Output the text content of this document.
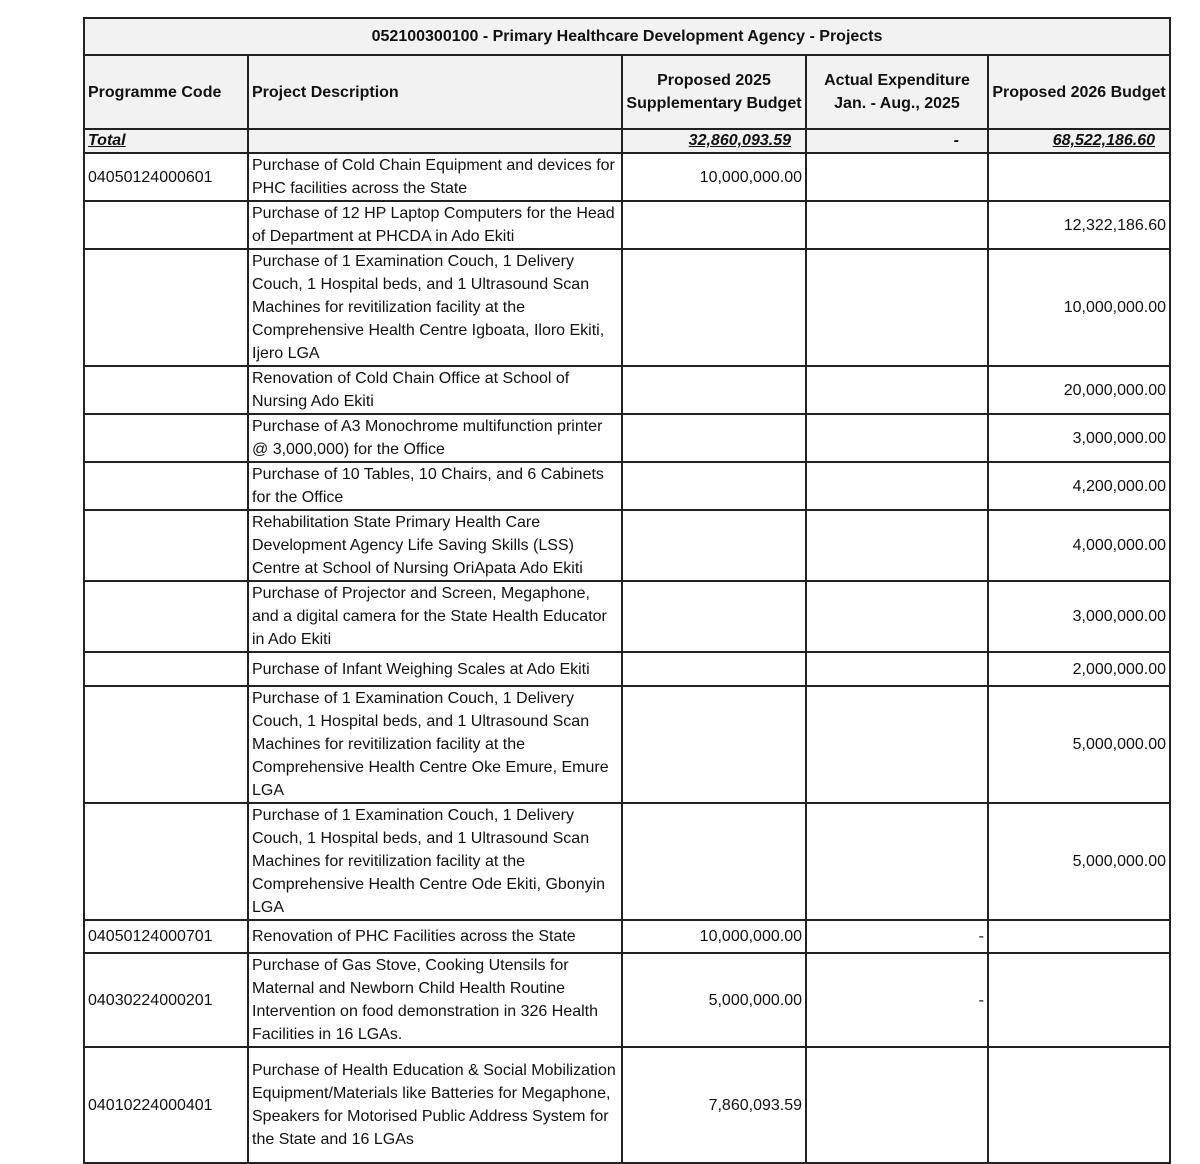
052100300100 - Primary Healthcare Development Agency - Projects				
Programme Code	Project Description	Proposed 2025 Supplementary Budget	Actual Expenditure Jan. - Aug., 2025	Proposed 2026 Budget
Total		32,860,093.59	-	68,522,186.60
04050124000601	Purchase of Cold Chain Equipment and devices for PHC facilities across the State	10,000,000.00		
	Purchase of 12 HP Laptop Computers for the Head of Department at PHCDA in Ado Ekiti			12,322,186.60
	Purchase of 1 Examination Couch, 1 Delivery Couch, 1 Hospital beds, and 1 Ultrasound Scan Machines for revitilization facility at the Comprehensive Health Centre Igboata, Iloro Ekiti, Ijero LGA			10,000,000.00
	Renovation of Cold Chain Office at School of Nursing Ado Ekiti			20,000,000.00
	Purchase of A3 Monochrome multifunction printer @ 3,000,000) for the Office			3,000,000.00
	Purchase of 10 Tables, 10 Chairs, and 6 Cabinets for the Office			4,200,000.00
	Rehabilitation State Primary Health Care Development Agency Life Saving Skills (LSS) Centre at School of Nursing OriApata Ado Ekiti			4,000,000.00
	Purchase of Projector and Screen, Megaphone, and a digital camera for the State Health Educator in Ado Ekiti			3,000,000.00
	Purchase of Infant Weighing Scales at Ado Ekiti			2,000,000.00
	Purchase of 1 Examination Couch, 1 Delivery Couch, 1 Hospital beds, and 1 Ultrasound Scan Machines for revitilization facility at the Comprehensive Health Centre Oke Emure, Emure LGA			5,000,000.00
	Purchase of 1 Examination Couch, 1 Delivery Couch, 1 Hospital beds, and 1 Ultrasound Scan Machines for revitilization facility at the Comprehensive Health Centre Ode Ekiti, Gbonyin LGA			5,000,000.00
04050124000701	Renovation of PHC Facilities across the State	10,000,000.00	-	
04030224000201	Purchase of Gas Stove, Cooking Utensils for Maternal and Newborn Child Health Routine Intervention on food demonstration in 326 Health Facilities in 16 LGAs.	5,000,000.00	-	
04010224000401	Purchase of Health Education & Social Mobilization Equipment/Materials like Batteries for Megaphone, Speakers for Motorised Public Address System for the State and 16 LGAs	7,860,093.59		
